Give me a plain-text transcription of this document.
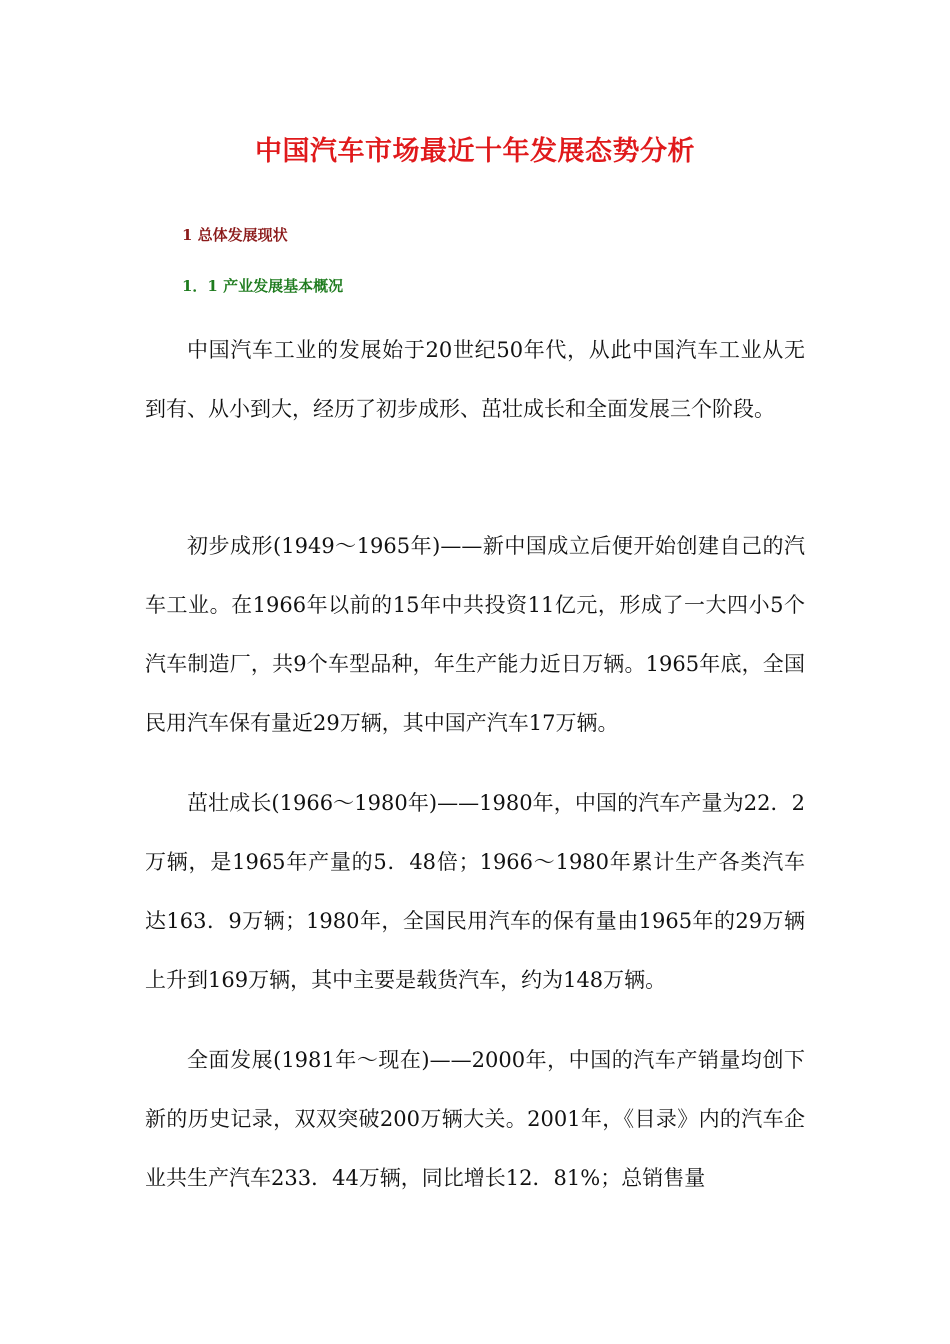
中国汽车市场最近十年发展态势分析
1 总体发展现状
1．1 产业发展基本概况

中国汽车工业的发展始于20世纪50年代，从此中国汽车工业从无到有、从小到大，经历了初步成形、茁壮成长和全面发展三个阶段。

初步成形(1949～1965年)——新中国成立后便开始创建自己的汽车工业。在1966年以前的15年中共投资11亿元，形成了一大四小5个汽车制造厂，共9个车型品种，年生产能力近日万辆。1965年底，全国民用汽车保有量近29万辆，其中国产汽车17万辆。

茁壮成长(1966～1980年)——1980年，中国的汽车产量为22．2万辆，是1965年产量的5．48倍；1966～1980年累计生产各类汽车达163．9万辆；1980年，全国民用汽车的保有量由1965年的29万辆上升到169万辆，其中主要是载货汽车，约为148万辆。

全面发展(1981年～现在)——2000年，中国的汽车产销量均创下新的历史记录，双双突破200万辆大关。2001年，《目录》内的汽车企业共生产汽车233．44万辆，同比增长12．81%；总销售量
